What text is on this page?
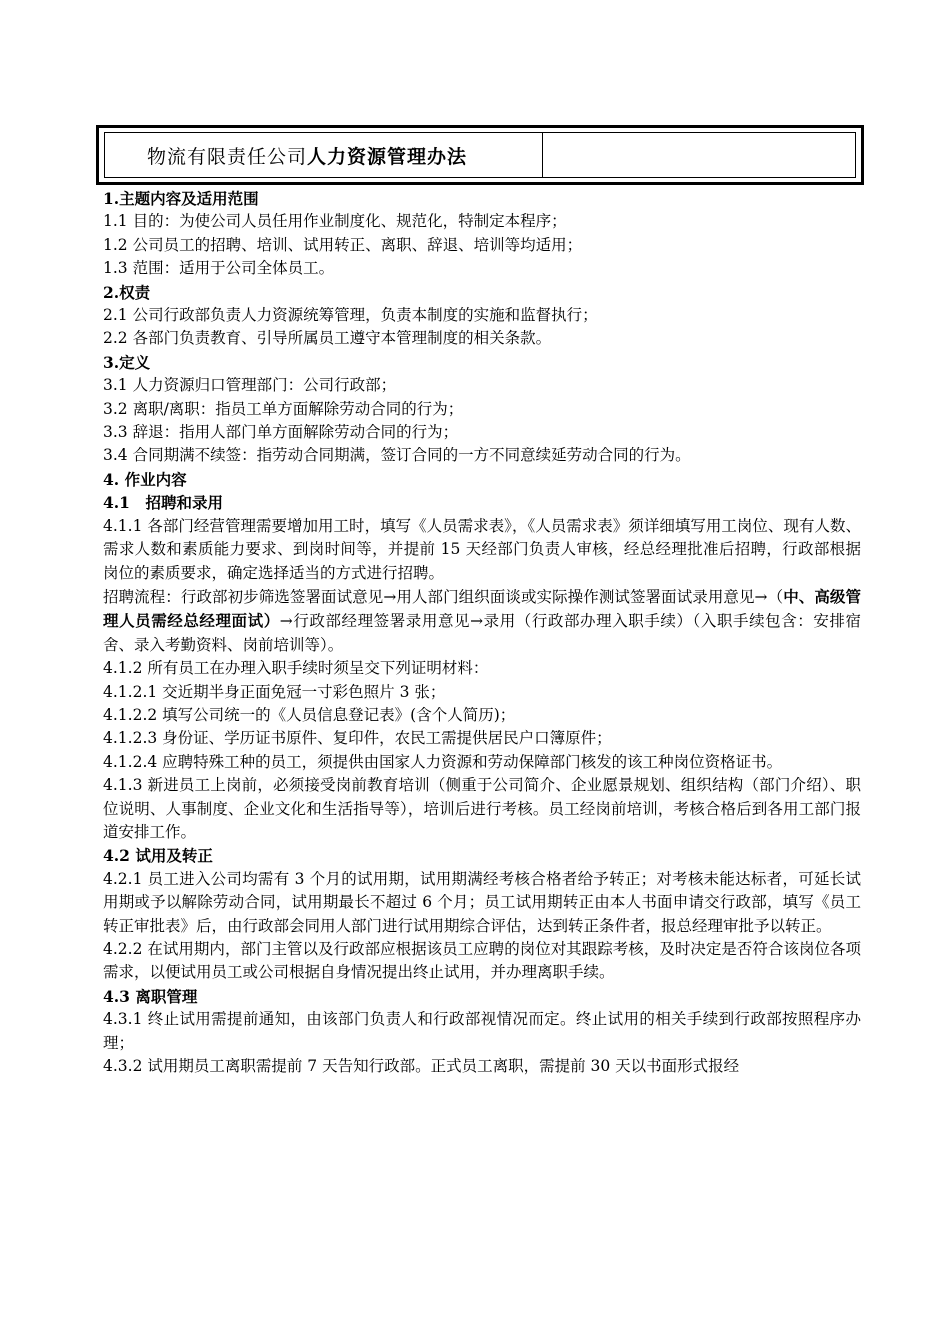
物流有限责任公司 人力资源管理办法

1.主题内容及适用范围

1.1 目的：为使公司人员任用作业制度化、规范化，特制定本程序；

1.2 公司员工的招聘、培训、试用转正、离职、辞退、培训等均适用；

1.3 范围：适用于公司全体员工。

2.权责

2.1 公司行政部负责人力资源统筹管理，负责本制度的实施和监督执行；

2.2 各部门负责教育、引导所属员工遵守本管理制度的相关条款。

3.定义

3.1 人力资源归口管理部门：公司行政部；

3.2 离职/离职：指员工单方面解除劳动合同的行为；

3.3 辞退：指用人部门单方面解除劳动合同的行为；

3.4 合同期满不续签：指劳动合同期满，签订合同的一方不同意续延劳动合同的行为。

4. 作业内容

4.1　招聘和录用

4.1.1 各部门经营管理需要增加用工时，填写《人员需求表》，《人员需求表》须详细填写用工岗位、现有人数、需求人数和素质能力要求、到岗时间等，并提前 15 天经部门负责人审核，经总经理批准后招聘，行政部根据岗位的素质要求，确定选择适当的方式进行招聘。

招聘流程：行政部初步筛选签署面试意见→用人部门组织面谈或实际操作测试签署面试录用意见→（中、高级管理人员需经总经理面试）→行政部经理签署录用意见→录用（行政部办理入职手续）（入职手续包含：安排宿舍、录入考勤资料、岗前培训等）。

4.1.2 所有员工在办理入职手续时须呈交下列证明材料：

4.1.2.1 交近期半身正面免冠一寸彩色照片 3 张；

4.1.2.2 填写公司统一的《人员信息登记表》(含个人简历)；

4.1.2.3 身份证、学历证书原件、复印件，农民工需提供居民户口簿原件；

4.1.2.4 应聘特殊工种的员工，须提供由国家人力资源和劳动保障部门核发的该工种岗位资格证书。

4.1.3 新进员工上岗前，必须接受岗前教育培训（侧重于公司简介、企业愿景规划、组织结构（部门介绍）、职位说明、人事制度、企业文化和生活指导等），培训后进行考核。员工经岗前培训，考核合格后到各用工部门报道安排工作。

4.2 试用及转正

4.2.1 员工进入公司均需有 3 个月的试用期，试用期满经考核合格者给予转正；对考核未能达标者，可延长试用期或予以解除劳动合同，试用期最长不超过 6 个月；员工试用期转正由本人书面申请交行政部，填写《员工转正审批表》后，由行政部会同用人部门进行试用期综合评估，达到转正条件者，报总经理审批予以转正。

4.2.2 在试用期内，部门主管以及行政部应根据该员工应聘的岗位对其跟踪考核，及时决定是否符合该岗位各项需求，以便试用员工或公司根据自身情况提出终止试用，并办理离职手续。

4.3 离职管理

4.3.1 终止试用需提前通知，由该部门负责人和行政部视情况而定。终止试用的相关手续到行政部按照程序办理；

4.3.2 试用期员工离职需提前 7 天告知行政部。正式员工离职，需提前 30 天以书面形式报经
